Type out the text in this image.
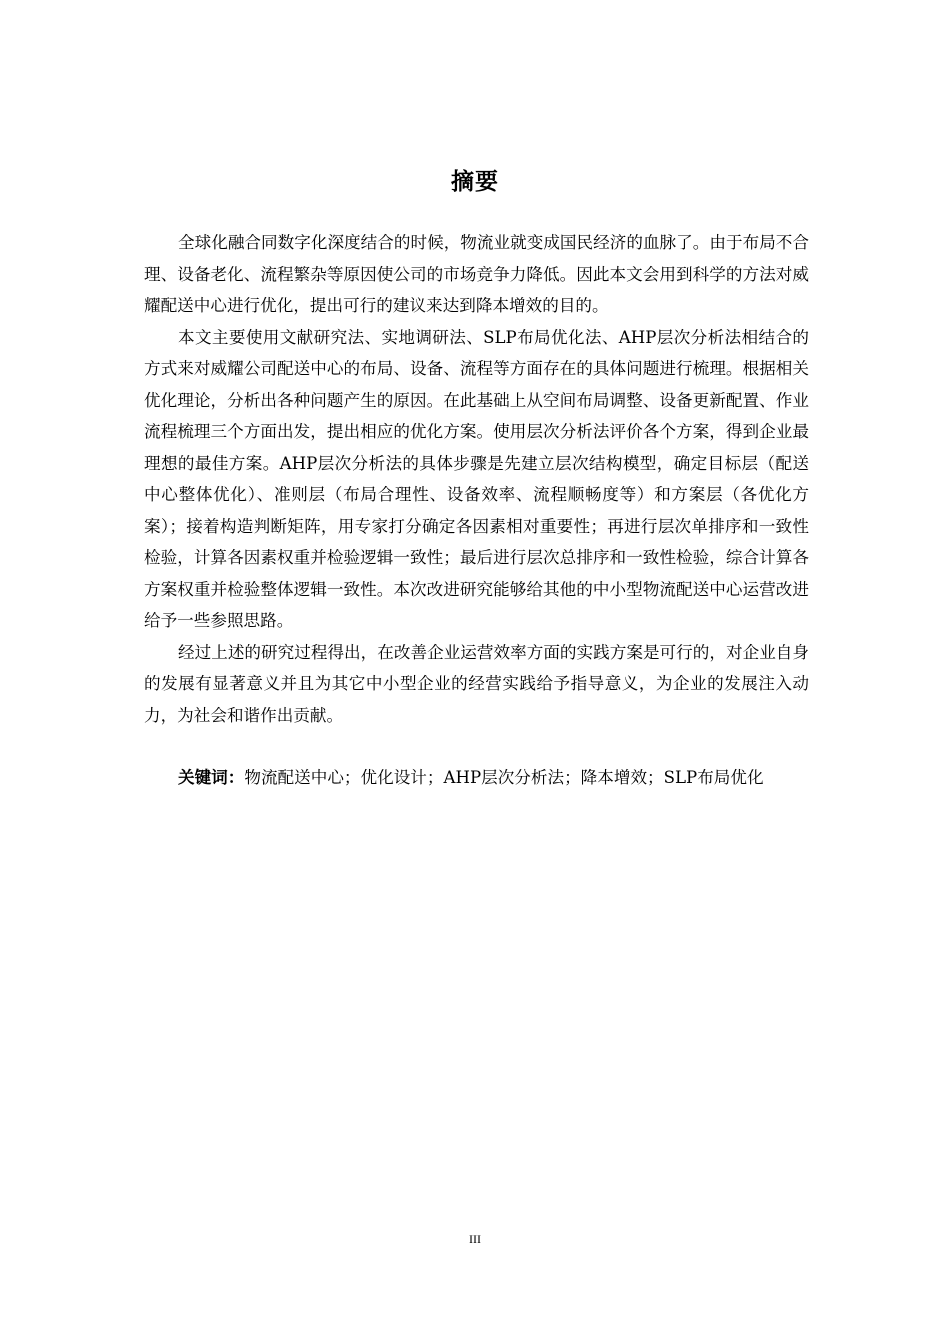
摘要

全球化融合同数字化深度结合的时候，物流业就变成国民经济的血脉了。由于布局不合理、设备老化、流程繁杂等原因使公司的市场竞争力降低。因此本文会用到科学的方法对威耀配送中心进行优化，提出可行的建议来达到降本增效的目的。

本文主要使用文献研究法、实地调研法、SLP布局优化法、AHP层次分析法相结合的方式来对威耀公司配送中心的布局、设备、流程等方面存在的具体问题进行梳理。根据相关优化理论，分析出各种问题产生的原因。在此基础上从空间布局调整、设备更新配置、作业流程梳理三个方面出发，提出相应的优化方案。使用层次分析法评价各个方案，得到企业最理想的最佳方案。AHP层次分析法的具体步骤是先建立层次结构模型，确定目标层（配送中心整体优化）、准则层（布局合理性、设备效率、流程顺畅度等）和方案层（各优化方案）；接着构造判断矩阵，用专家打分确定各因素相对重要性；再进行层次单排序和一致性检验，计算各因素权重并检验逻辑一致性；最后进行层次总排序和一致性检验，综合计算各方案权重并检验整体逻辑一致性。本次改进研究能够给其他的中小型物流配送中心运营改进给予一些参照思路。

经过上述的研究过程得出，在改善企业运营效率方面的实践方案是可行的，对企业自身的发展有显著意义并且为其它中小型企业的经营实践给予指导意义，为企业的发展注入动力，为社会和谐作出贡献。

关键词：物流配送中心；优化设计；AHP层次分析法；降本增效；SLP布局优化

III
